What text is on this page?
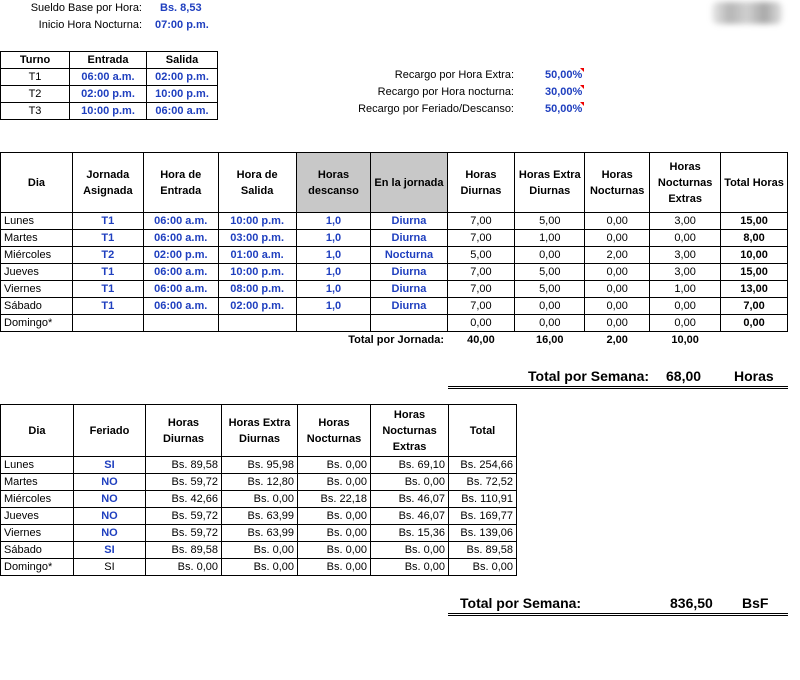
Sueldo Base por Hora: Bs. 8,53
Inicio Hora Nocturna: 07:00 p.m.
Turno	Entrada	Salida
T1	06:00 a.m.	02:00 p.m.
T2	02:00 p.m.	10:00 p.m.
T3	10:00 p.m.	06:00 a.m.
Recargo por Hora Extra:	50,00%
Recargo por Hora nocturna:	30,00%
Recargo por Feriado/Descanso:	50,00%
Dia	Jornada Asignada	Hora de Entrada	Hora de Salida	Horas descanso	En la jornada	Horas Diurnas	Horas Extra Diurnas	Horas Nocturnas	Horas Nocturnas Extras	Total Horas
Lunes	T1	06:00 a.m.	10:00 p.m.	1,0	Diurna	7,00	5,00	0,00	3,00	15,00
Martes	T1	06:00 a.m.	03:00 p.m.	1,0	Diurna	7,00	1,00	0,00	0,00	8,00
Miércoles	T2	02:00 p.m.	01:00 a.m.	1,0	Nocturna	5,00	0,00	2,00	3,00	10,00
Jueves	T1	06:00 a.m.	10:00 p.m.	1,0	Diurna	7,00	5,00	0,00	3,00	15,00
Viernes	T1	06:00 a.m.	08:00 p.m.	1,0	Diurna	7,00	5,00	0,00	1,00	13,00
Sábado	T1	06:00 a.m.	02:00 p.m.	1,0	Diurna	7,00	0,00	0,00	0,00	7,00
Domingo*						0,00	0,00	0,00	0,00	0,00
Total por Jornada:						40,00	16,00	2,00	10,00	
Total por Semana: 68,00 Horas
Dia	Feriado	Horas Diurnas	Horas Extra Diurnas	Horas Nocturnas	Horas Nocturnas Extras	Total
Lunes	SI	Bs. 89,58	Bs. 95,98	Bs. 0,00	Bs. 69,10	Bs. 254,66
Martes	NO	Bs. 59,72	Bs. 12,80	Bs. 0,00	Bs. 0,00	Bs. 72,52
Miércoles	NO	Bs. 42,66	Bs. 0,00	Bs. 22,18	Bs. 46,07	Bs. 110,91
Jueves	NO	Bs. 59,72	Bs. 63,99	Bs. 0,00	Bs. 46,07	Bs. 169,77
Viernes	NO	Bs. 59,72	Bs. 63,99	Bs. 0,00	Bs. 15,36	Bs. 139,06
Sábado	SI	Bs. 89,58	Bs. 0,00	Bs. 0,00	Bs. 0,00	Bs. 89,58
Domingo*	SI	Bs. 0,00	Bs. 0,00	Bs. 0,00	Bs. 0,00	Bs. 0,00
Total por Semana:	836,50 BsF
